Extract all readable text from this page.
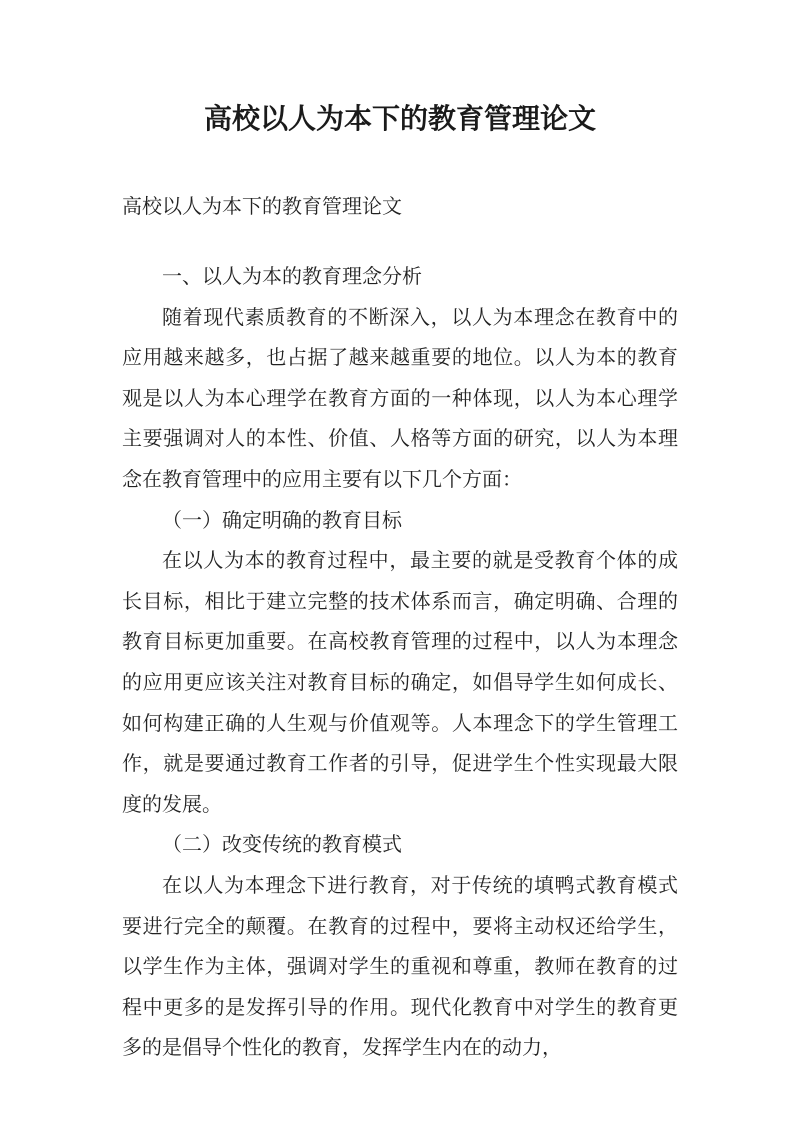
高校以人为本下的教育管理论文

高校以人为本下的教育管理论文

一、以人为本的教育理念分析

随着现代素质教育的不断深入，以人为本理念在教育中的应用越来越多，也占据了越来越重要的地位。以人为本的教育观是以人为本心理学在教育方面的一种体现，以人为本心理学主要强调对人的本性、价值、人格等方面的研究，以人为本理念在教育管理中的应用主要有以下几个方面：

（一）确定明确的教育目标

在以人为本的教育过程中，最主要的就是受教育个体的成长目标，相比于建立完整的技术体系而言，确定明确、合理的教育目标更加重要。在高校教育管理的过程中，以人为本理念的应用更应该关注对教育目标的确定，如倡导学生如何成长、如何构建正确的人生观与价值观等。人本理念下的学生管理工作，就是要通过教育工作者的引导，促进学生个性实现最大限度的发展。

（二）改变传统的教育模式

在以人为本理念下进行教育，对于传统的填鸭式教育模式要进行完全的颠覆。在教育的过程中，要将主动权还给学生，以学生作为主体，强调对学生的重视和尊重，教师在教育的过程中更多的是发挥引导的作用。现代化教育中对学生的教育更多的是倡导个性化的教育，发挥学生内在的动力，
